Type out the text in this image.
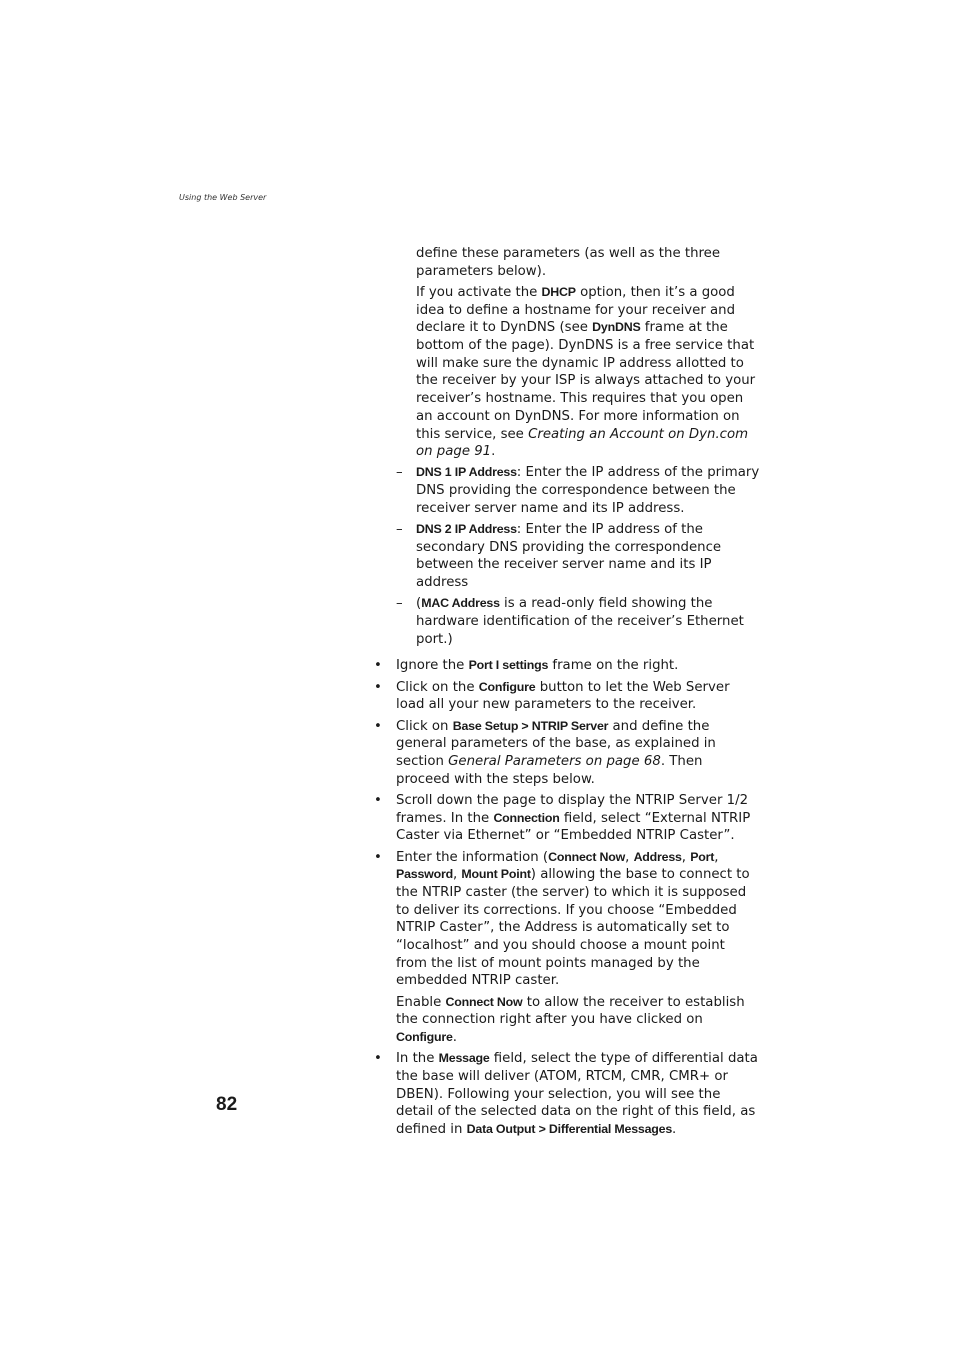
Using the Web Server

define these parameters (as well as the three parameters below).

If you activate the DHCP option, then it’s a good idea to define a hostname for your receiver and declare it to DynDNS (see DynDNS frame at the bottom of the page). DynDNS is a free service that will make sure the dynamic IP address allotted to the receiver by your ISP is always attached to your receiver’s hostname. This requires that you open an account on DynDNS. For more information on this service, see Creating an Account on Dyn.com on page 91.

–	DNS 1 IP Address: Enter the IP address of the primary DNS providing the correspondence between the receiver server name and its IP address.
–	DNS 2 IP Address: Enter the IP address of the secondary DNS providing the correspondence between the receiver server name and its IP address
–	(MAC Address is a read-only field showing the hardware identification of the receiver’s Ethernet port.)
•	Ignore the Port I settings frame on the right.
•	Click on the Configure button to let the Web Server load all your new parameters to the receiver.
•	Click on Base Setup > NTRIP Server and define the general parameters of the base, as explained in section General Parameters on page 68. Then proceed with the steps below.
•	Scroll down the page to display the NTRIP Server 1/2 frames. In the Connection field, select “External NTRIP Caster via Ethernet” or “Embedded NTRIP Caster”.
•	Enter the information (Connect Now, Address, Port, Password, Mount Point) allowing the base to connect to the NTRIP caster (the server) to which it is supposed to deliver its corrections. If you choose “Embedded NTRIP Caster”, the Address is automatically set to “localhost” and you should choose a mount point from the list of mount points managed by the embedded NTRIP caster.

Enable Connect Now to allow the receiver to establish the connection right after you have clicked on Configure.

•	In the Message field, select the type of differential data the base will deliver (ATOM, RTCM, CMR, CMR+ or DBEN). Following your selection, you will see the detail of the selected data on the right of this field, as defined in Data Output > Differential Messages.
82
